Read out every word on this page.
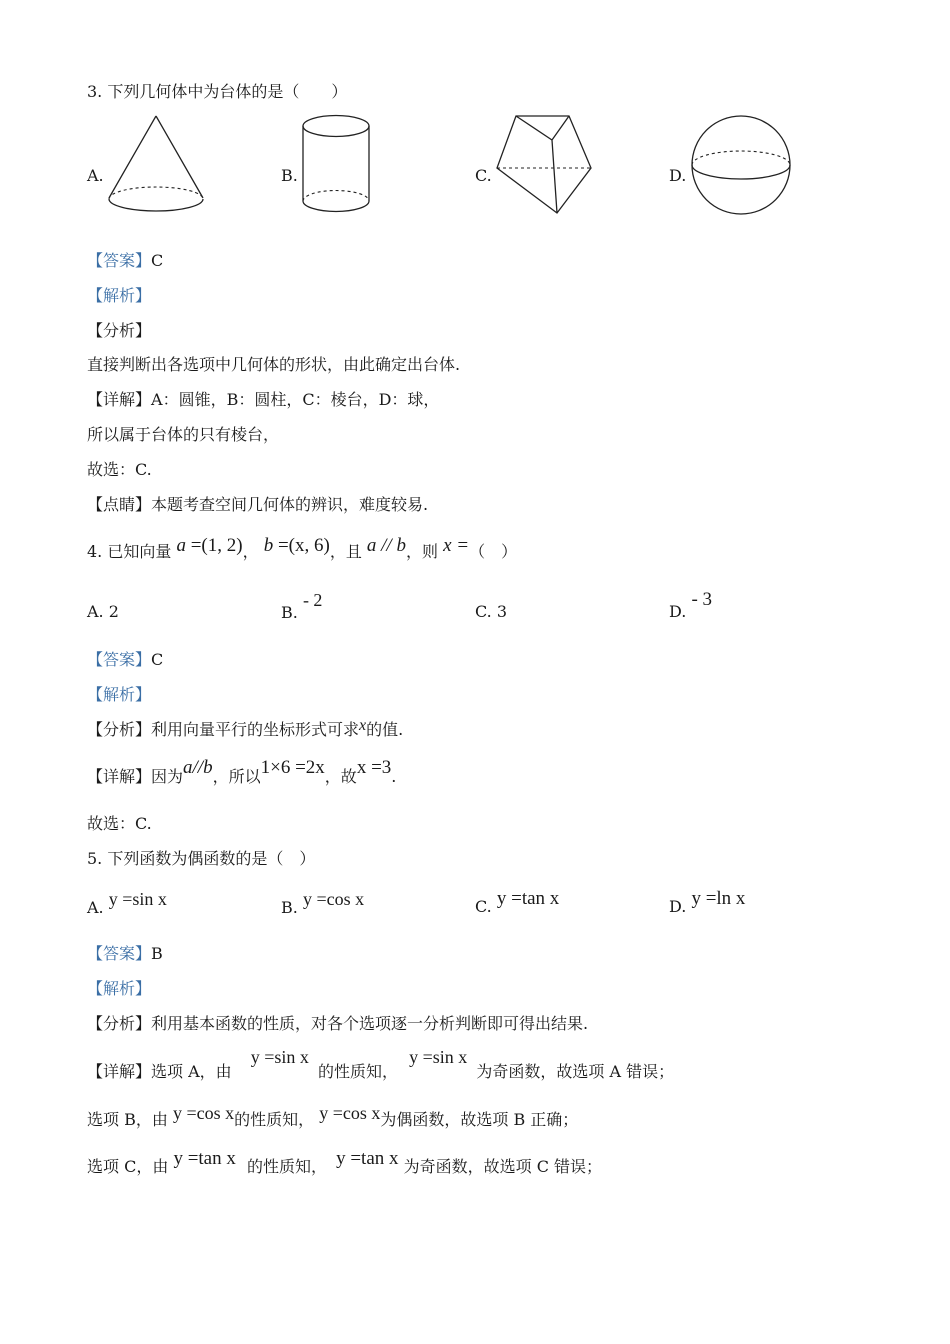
3. 下列几何体中为台体的是（　　）
A.	B.	C.	D.
【答案】C
【解析】
【分析】
直接判断出各选项中几何体的形状，由此确定出台体.
【详解】A：圆锥，B：圆柱，C：棱台，D：球，
所以属于台体的只有棱台，
故选：C.
【点睛】本题考查空间几何体的辨识，难度较易.
4. 已知向量 a =(1, 2)， b =(x, 6)，且 a // b，则 x =（　）
A. 2	B. - 2
C. 3	D. - 3
【答案】C
【解析】
【分析】利用向量平行的坐标形式可求x的值.
【详解】因为a//b，所以1×6 =2x，故x =3.
故选：C.
5. 下列函数为偶函数的是（　）
A. y =sin x	B. y =cos x	C. y =tan x	D. y =ln x
【答案】B
【解析】
【分析】利用基本函数的性质，对各个选项逐一分析判断即可得出结果.
【详解】选项 A，由 y =sin x 的性质知， y =sin x 为奇函数，故选项 A 错误；
选项 B，由 y =cos x的性质知， y =cos x为偶函数，故选项 B 正确；
选项 C，由 y =tan x 的性质知， y =tan x 为奇函数，故选项 C 错误；
